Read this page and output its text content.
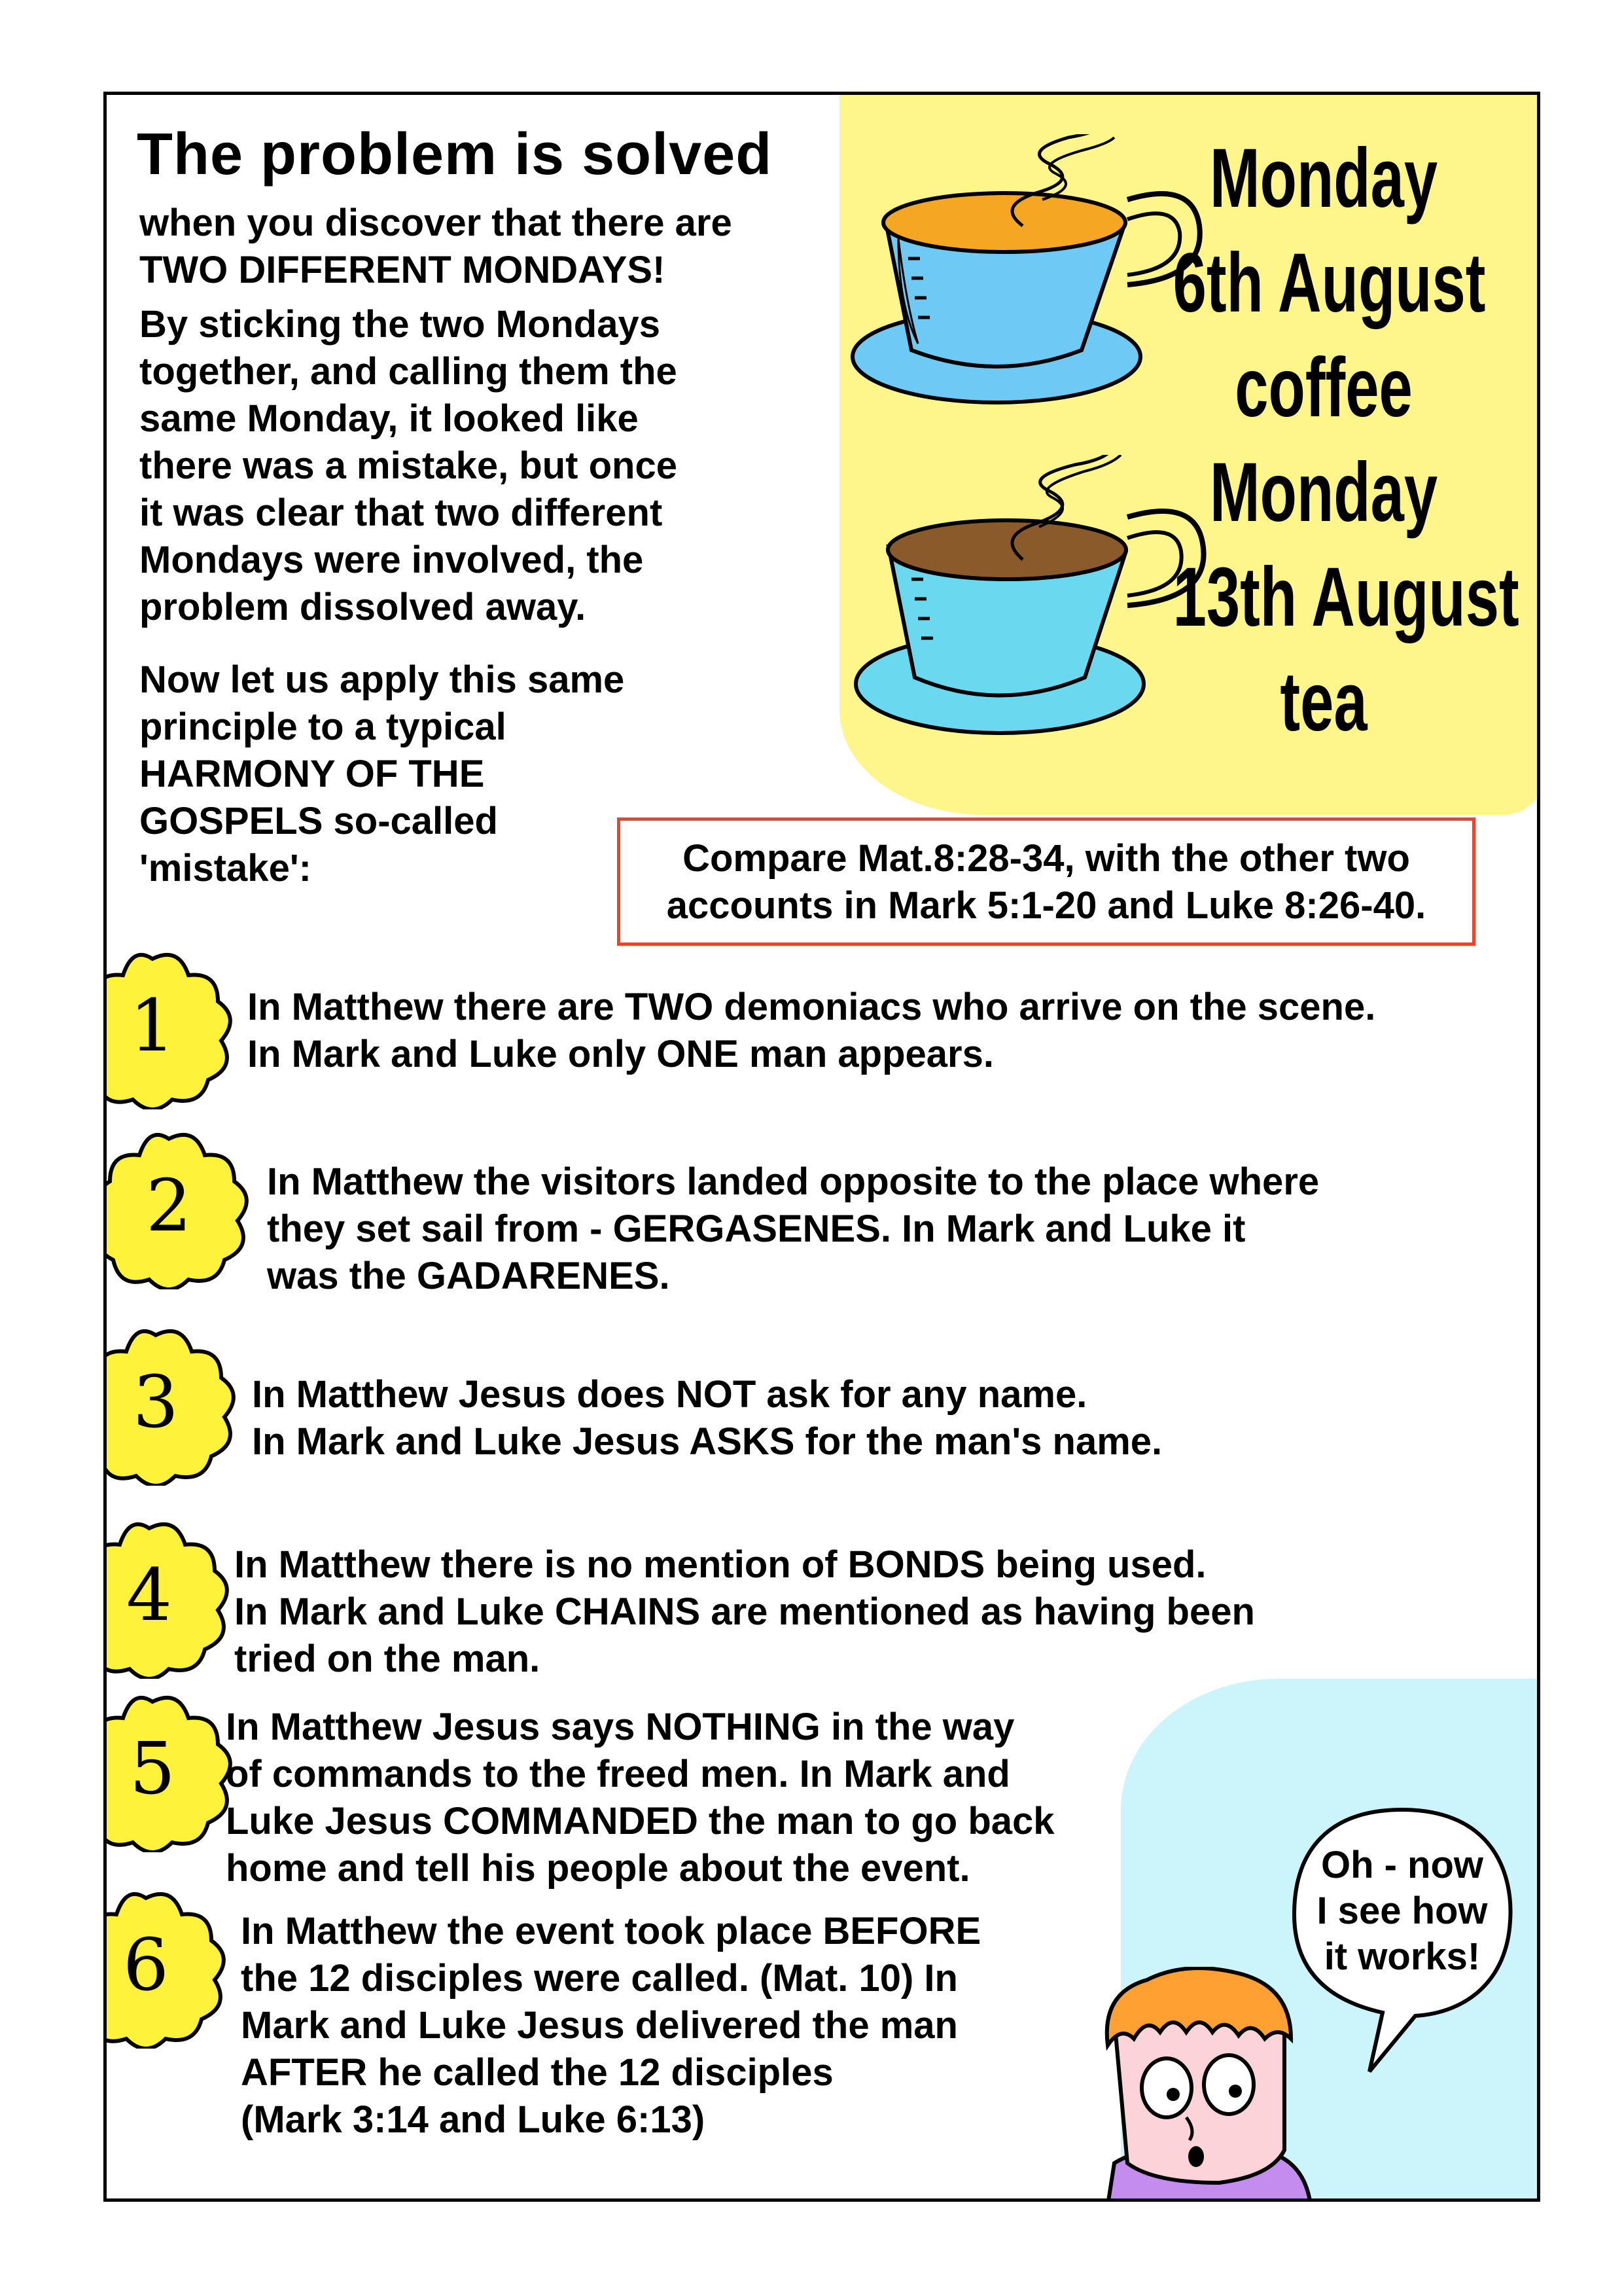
The problem is solved
when you discover that there are
TWO DIFFERENT MONDAYS!
By sticking the two Mondays
together, and calling them the
same Monday, it looked like
there was a mistake, but once
it was clear that two different
Mondays were involved, the
problem dissolved away.
Now let us apply this same
principle to a typical
HARMONY OF THE
GOSPELS so-called
'mistake':
Monday
6th August
coffee
Monday
13th August
tea
Compare Mat.8:28-34, with the other two
accounts in Mark 5:1-20 and Luke 8:26-40.
1 In Matthew there are TWO demoniacs who arrive on the scene.
In Mark and Luke only ONE man appears.
2 In Matthew the visitors landed opposite to the place where
they set sail from - GERGASENES. In Mark and Luke it
was the GADARENES.
3 In Matthew Jesus does NOT ask for any name.
In Mark and Luke Jesus ASKS for the man's name.
4 In Matthew there is no mention of BONDS being used.
In Mark and Luke CHAINS are mentioned as having been
tried on the man.
5 In Matthew Jesus says NOTHING in the way
of commands to the freed men. In Mark and
Luke Jesus COMMANDED the man to go back
home and tell his people about the event.
6 In Matthew the event took place BEFORE
the 12 disciples were called. (Mat. 10) In
Mark and Luke Jesus delivered the man
AFTER he called the 12 disciples
(Mark 3:14 and Luke 6:13)
Oh - now
I see how
it works!
